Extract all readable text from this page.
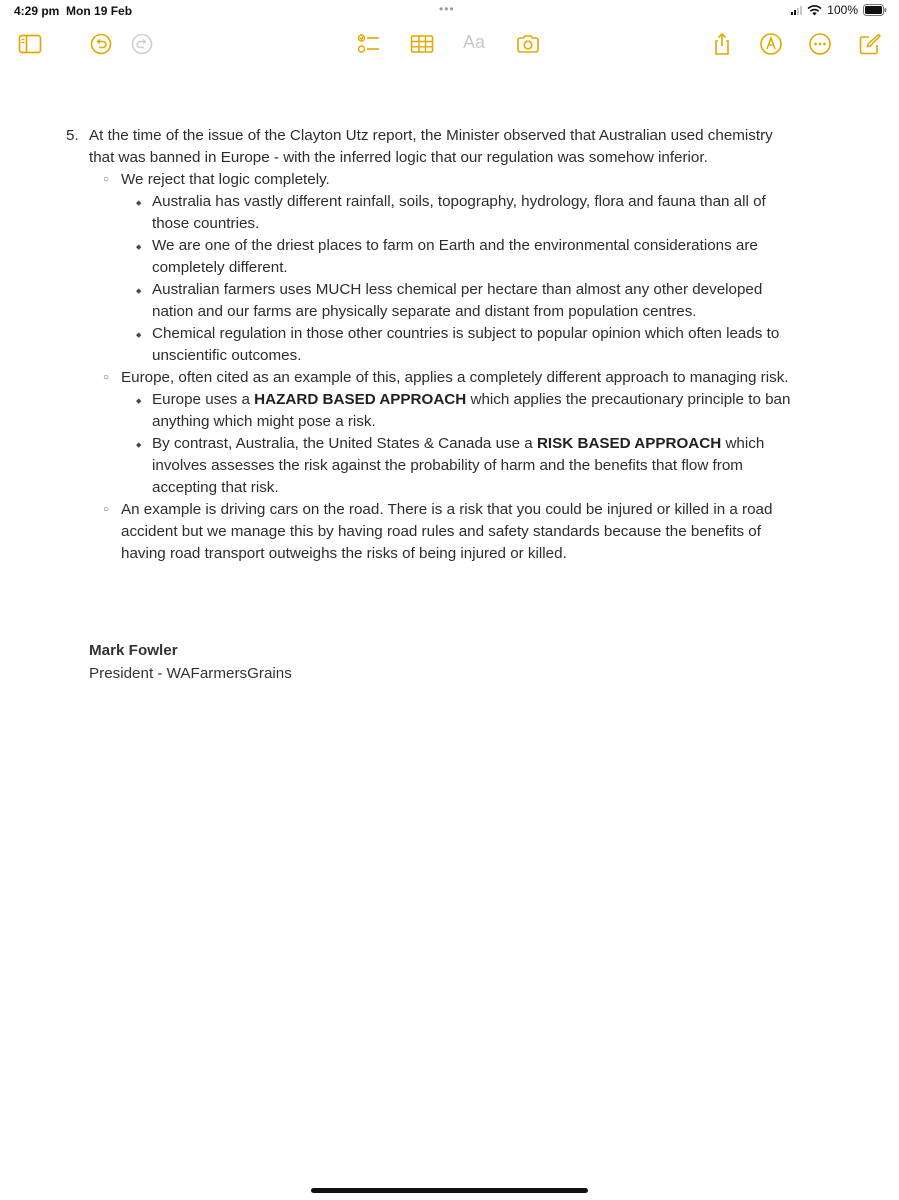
4:29 pm Mon 19 Feb	•••	100%
Aa
5. At the time of the issue of the Clayton Utz report, the Minister observed that Australian used chemistry
that was banned in Europe - with the inferred logic that our regulation was somehow inferior.
○ We reject that logic completely.
◆ Australia has vastly different rainfall, soils, topography, hydrology, flora and fauna than all of
those countries.
◆ We are one of the driest places to farm on Earth and the environmental considerations are
completely different.
◆ Australian farmers uses MUCH less chemical per hectare than almost any other developed
nation and our farms are physically separate and distant from population centres.
◆ Chemical regulation in those other countries is subject to popular opinion which often leads to
unscientific outcomes.
○ Europe, often cited as an example of this, applies a completely different approach to managing risk.
◆ Europe uses a HAZARD BASED APPROACH which applies the precautionary principle to ban
anything which might pose a risk.
◆ By contrast, Australia, the United States & Canada use a RISK BASED APPROACH which
involves assesses the risk against the probability of harm and the benefits that flow from
accepting that risk.
○ An example is driving cars on the road. There is a risk that you could be injured or killed in a road
accident but we manage this by having road rules and safety standards because the benefits of
having road transport outweighs the risks of being injured or killed.
Mark Fowler
President - WAFarmersGrains
